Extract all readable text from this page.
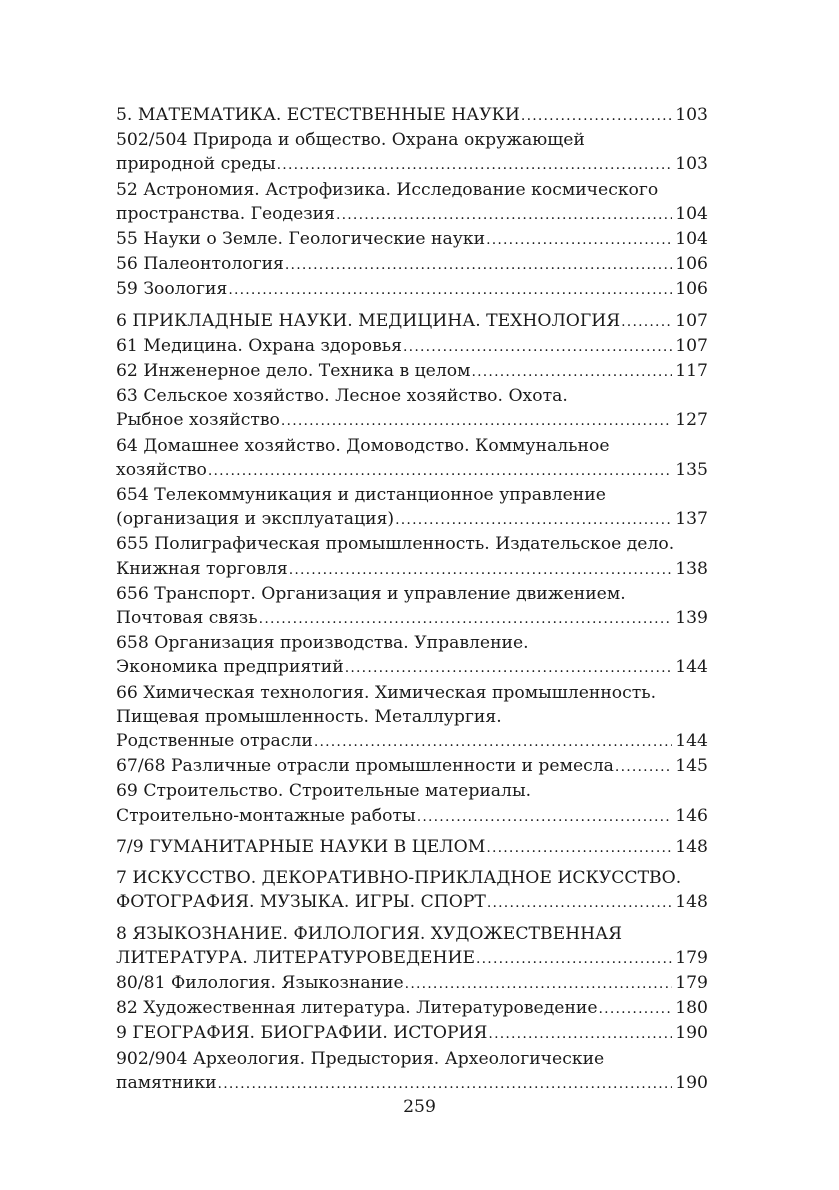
5. МАТЕМАТИКА. ЕСТЕСТВЕННЫЕ НАУКИ .....	103
502/504 Природа и общество. Охрана окружающей
природной среды .....	103
52 Астрономия. Астрофизика. Исследование космического
пространства. Геодезия .....	104
55 Науки о Земле. Геологические науки .....	104
56 Палеонтология .....	106
59 Зоология .....	106
6 ПРИКЛАДНЫЕ НАУКИ. МЕДИЦИНА. ТЕХНОЛОГИЯ .....	107
61 Медицина. Охрана здоровья .....	107
62 Инженерное дело. Техника в целом .....	117
63 Сельское хозяйство. Лесное хозяйство. Охота.
Рыбное хозяйство .....	127
64 Домашнее хозяйство. Домоводство. Коммунальное
хозяйство .....	135
654 Телекоммуникация и дистанционное управление
(организация и эксплуатация) .....	137
655 Полиграфическая промышленность. Издательское дело.
Книжная торговля .....	138
656 Транспорт. Организация и управление движением.
Почтовая связь .....	139
658 Организация производства. Управление.
Экономика предприятий .....	144
66 Химическая технология. Химическая промышленность.
Пищевая промышленность. Металлургия.
Родственные отрасли .....	144
67/68 Различные отрасли промышленности и ремесла .....	145
69 Строительство. Строительные материалы.
Строительно-монтажные работы .....	146
7/9 ГУМАНИТАРНЫЕ НАУКИ В ЦЕЛОМ .....	148
7 ИСКУССТВО. ДЕКОРАТИВНО-ПРИКЛАДНОЕ ИСКУССТВО.
ФОТОГРАФИЯ. МУЗЫКА. ИГРЫ. СПОРТ .....	148
8 ЯЗЫКОЗНАНИЕ. ФИЛОЛОГИЯ. ХУДОЖЕСТВЕННАЯ
ЛИТЕРАТУРА. ЛИТЕРАТУРОВЕДЕНИЕ .....	179
80/81 Филология. Языкознание .....	179
82 Художественная литература. Литературоведение .....	180
9 ГЕОГРАФИЯ. БИОГРАФИИ. ИСТОРИЯ .....	190
902/904 Археология. Предыстория. Археологические
памятники .....	190
259
